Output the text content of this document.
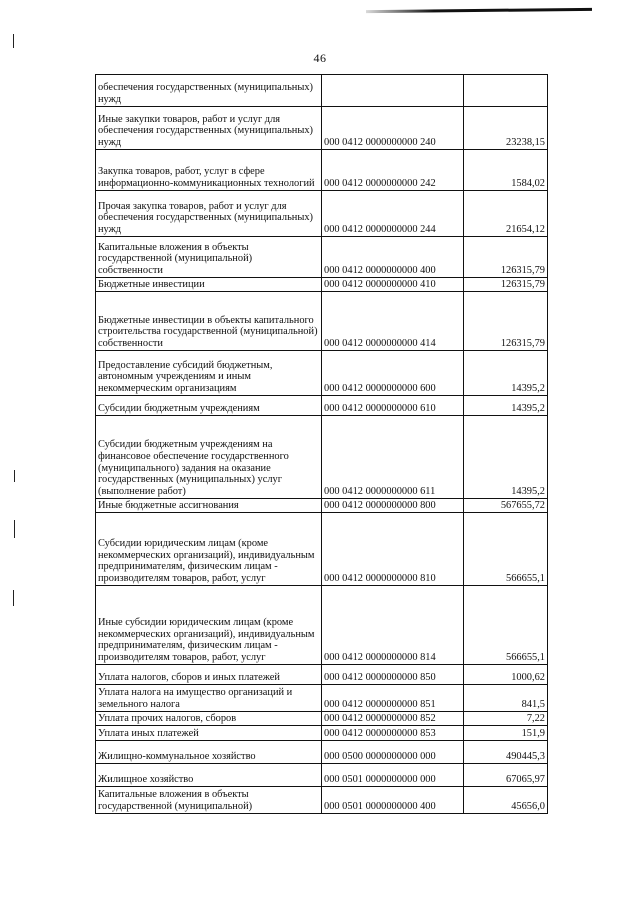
46
обеспечения государственных (муниципальных) нужд		
Иные закупки товаров, работ и услуг для обеспечения государственных (муниципальных) нужд	000 0412 0000000000 240	23238,15
Закупка товаров, работ, услуг в сфере информационно-коммуникационных технологий	000 0412 0000000000 242	1584,02
Прочая закупка товаров, работ и услуг для обеспечения государственных (муниципальных) нужд	000 0412 0000000000 244	21654,12
Капитальные вложения в объекты государственной (муниципальной) собственности	000 0412 0000000000 400	126315,79
Бюджетные инвестиции	000 0412 0000000000 410	126315,79
Бюджетные инвестиции в объекты капитального строительства государственной (муниципальной) собственности	000 0412 0000000000 414	126315,79
Предоставление субсидий бюджетным, автономным учреждениям и иным некоммерческим организациям	000 0412 0000000000 600	14395,2
Субсидии бюджетным учреждениям	000 0412 0000000000 610	14395,2
Субсидии бюджетным учреждениям на финансовое обеспечение государственного (муниципального) задания на оказание государственных (муниципальных) услуг (выполнение работ)	000 0412 0000000000 611	14395,2
Иные бюджетные ассигнования	000 0412 0000000000 800	567655,72
Субсидии юридическим лицам (кроме некоммерческих организаций), индивидуальным предпринимателям, физическим лицам - производителям товаров, работ, услуг	000 0412 0000000000 810	566655,1
Иные субсидии юридическим лицам (кроме некоммерческих организаций), индивидуальным предпринимателям, физическим лицам - производителям товаров, работ, услуг	000 0412 0000000000 814	566655,1
Уплата налогов, сборов и иных платежей	000 0412 0000000000 850	1000,62
Уплата налога на имущество организаций и земельного налога	000 0412 0000000000 851	841,5
Уплата прочих налогов, сборов	000 0412 0000000000 852	7,22
Уплата иных платежей	000 0412 0000000000 853	151,9
Жилищно-коммунальное хозяйство	000 0500 0000000000 000	490445,3
Жилищное хозяйство	000 0501 0000000000 000	67065,97
Капитальные вложения в объекты государственной (муниципальной)	000 0501 0000000000 400	45656,0
